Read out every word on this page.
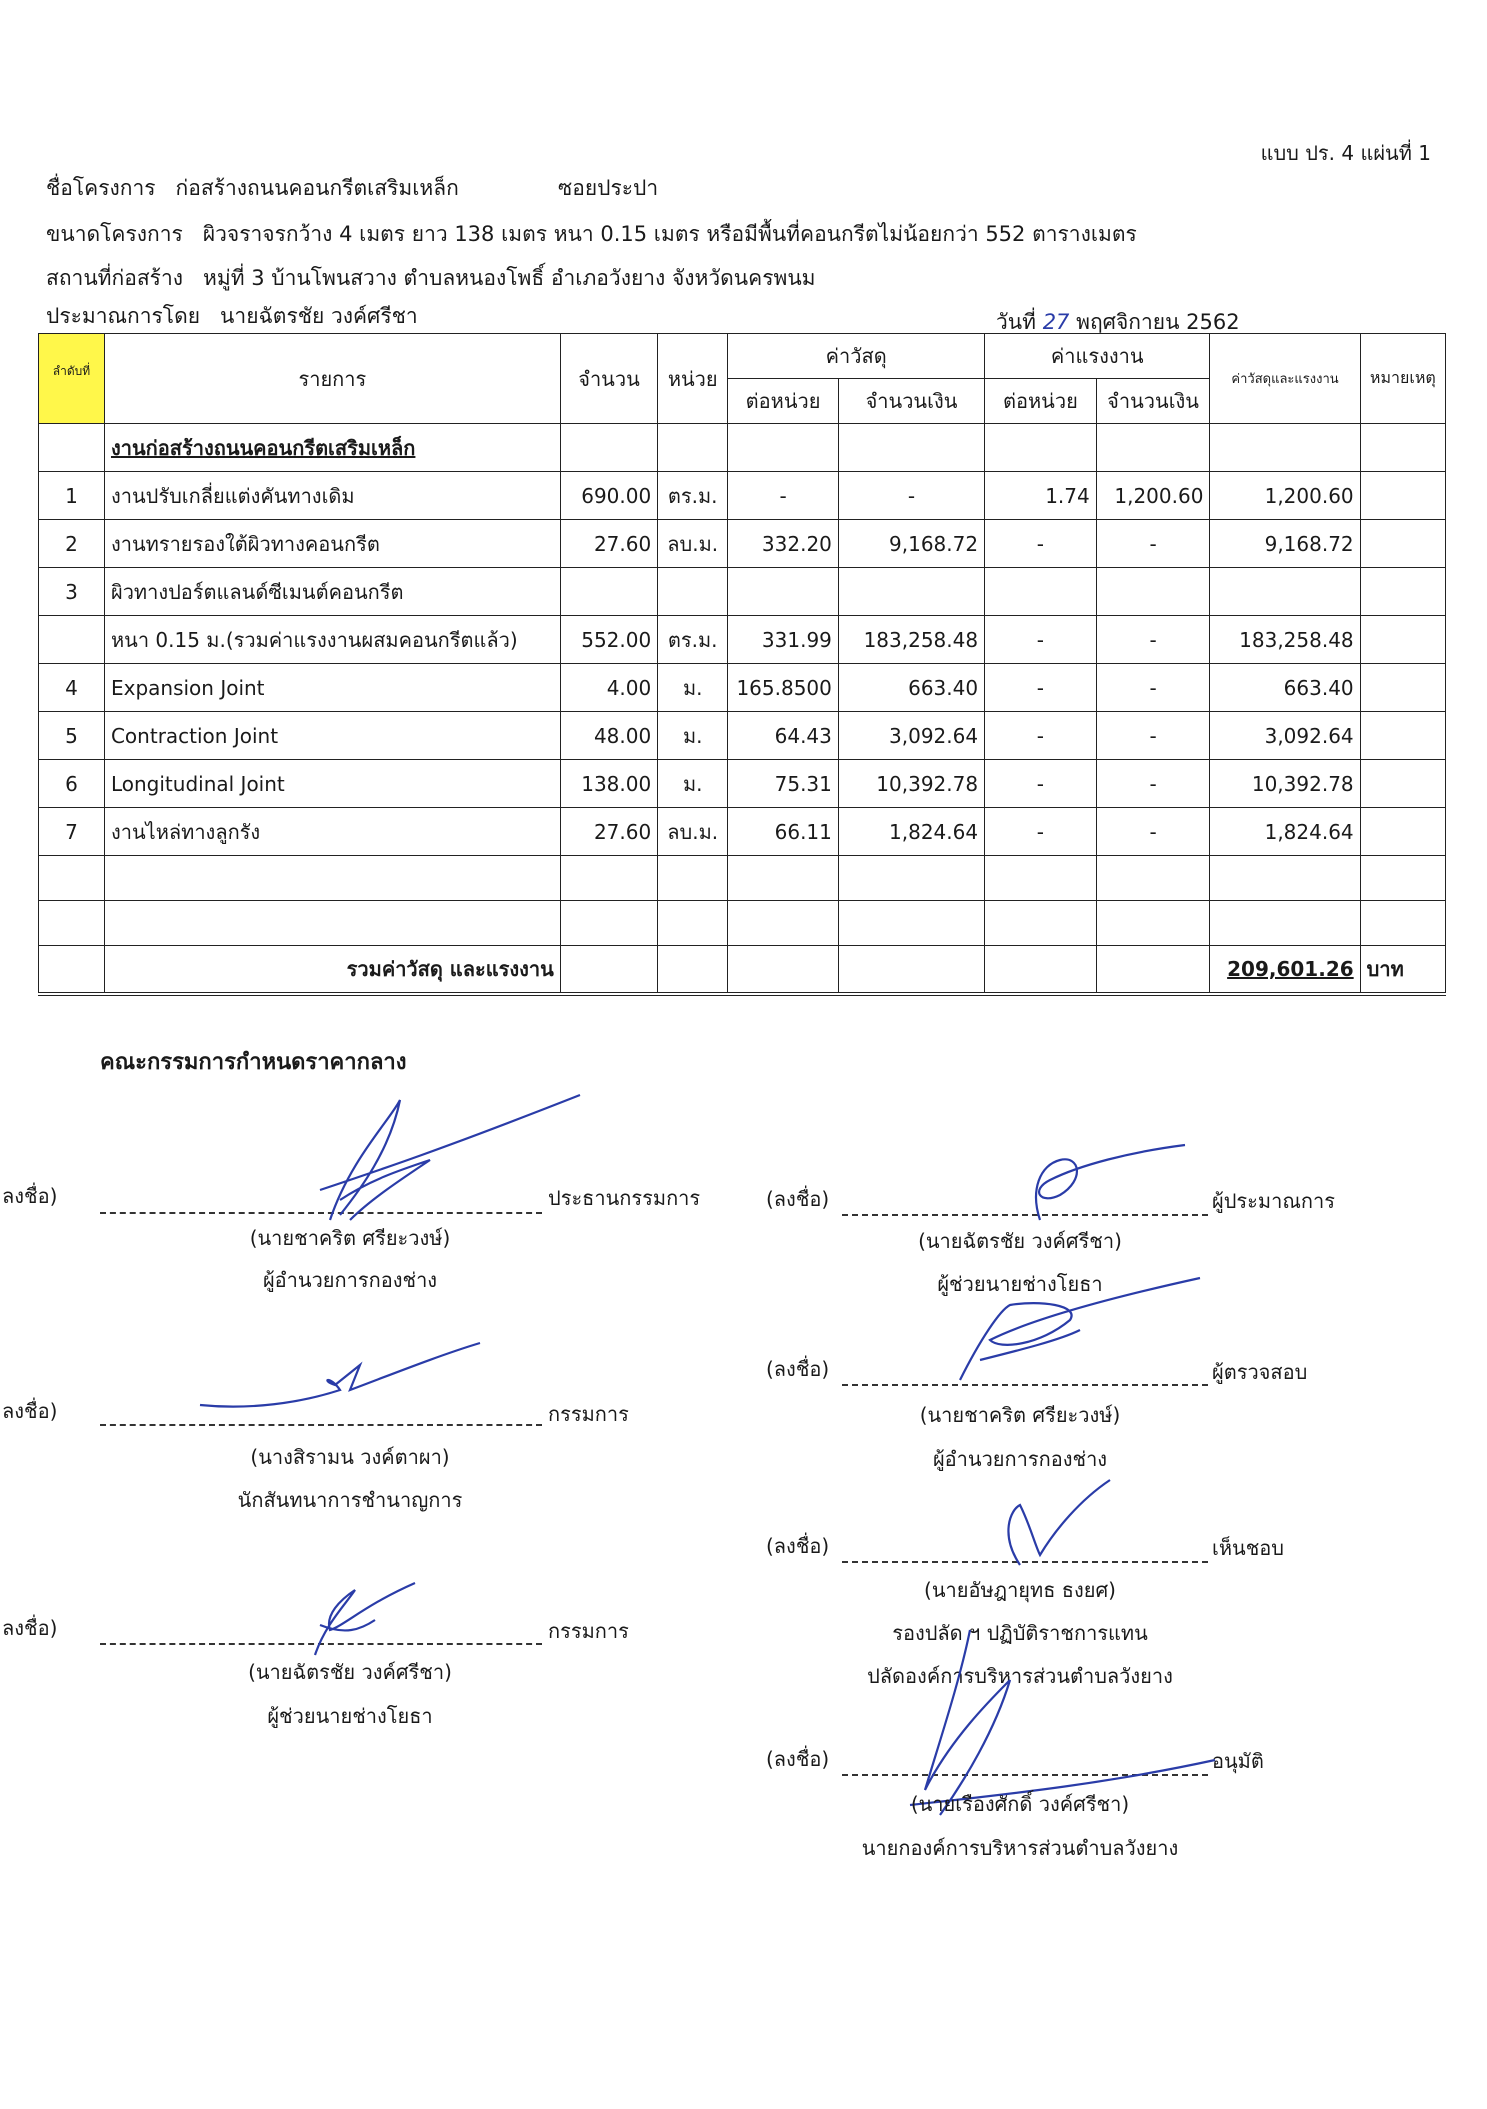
แบบ ปร. 4 แผ่นที่ 1
ชื่อโครงการ ก่อสร้างถนนคอนกรีตเสริมเหล็ก	ซอยประปา
ขนาดโครงการ ผิวจราจรกว้าง 4 เมตร ยาว 138 เมตร หนา 0.15 เมตร หรือมีพื้นที่คอนกรีตไม่น้อยกว่า 552 ตารางเมตร
สถานที่ก่อสร้าง หมู่ที่ 3 บ้านโพนสวาง ตำบลหนองโพธิ์ อำเภอวังยาง จังหวัดนครพนม
ประมาณการโดย นายฉัตรชัย วงค์ศรีชา	วันที่ 27 พฤศจิกายน 2562
ลำดับที่	รายการ	จำนวน	หน่วย	ค่าวัสดุ		ค่าแรงงาน		ค่าวัสดุและแรงงาน	หมายเหตุ
				ต่อหน่วย	จำนวนเงิน	ต่อหน่วย	จำนวนเงิน		
	งานก่อสร้างถนนคอนกรีตเสริมเหล็ก								
1	งานปรับเกลี่ยแต่งคันทางเดิม	690.00	ตร.ม.	-	-	1.74	1,200.60	1,200.60	
2	งานทรายรองใต้ผิวทางคอนกรีต	27.60	ลบ.ม.	332.20	9,168.72	-	-	9,168.72	
3	ผิวทางปอร์ตแลนด์ซีเมนต์คอนกรีต								
	หนา 0.15 ม.(รวมค่าแรงงานผสมคอนกรีตแล้ว)	552.00	ตร.ม.	331.99	183,258.48	-	-	183,258.48	
4	Expansion Joint	4.00	ม.	165.8500	663.40	-	-	663.40	
5	Contraction Joint	48.00	ม.	64.43	3,092.64	-	-	3,092.64	
6	Longitudinal Joint	138.00	ม.	75.31	10,392.78	-	-	10,392.78	
7	งานไหล่ทางลูกรัง	27.60	ลบ.ม.	66.11	1,824.64	-	-	1,824.64	

	รวมค่าวัสดุ และแรงงาน							209,601.26	บาท
คณะกรรมการกำหนดราคากลาง
ลงชื่อ)	ประธานกรรมการ
(นายชาคริต ศรียะวงษ์)
ผู้อำนวยการกองช่าง
ลงชื่อ)	กรรมการ
(นางสิรามน วงค์ตาผา)
นักสันทนาการชำนาญการ
ลงชื่อ)	กรรมการ
(นายฉัตรชัย วงค์ศรีชา)
ผู้ช่วยนายช่างโยธา
(ลงชื่อ)	ผู้ประมาณการ
(นายฉัตรชัย วงค์ศรีชา)
ผู้ช่วยนายช่างโยธา
(ลงชื่อ)	ผู้ตรวจสอบ
(นายชาคริต ศรียะวงษ์)
ผู้อำนวยการกองช่าง
(ลงชื่อ)	เห็นชอบ
(นายอัษฎายุทธ ธงยศ)
รองปลัด ฯ ปฏิบัติราชการแทน
ปลัดองค์การบริหารส่วนตำบลวังยาง
(ลงชื่อ)	อนุมัติ
(นายเรืองศักดิ์ วงค์ศรีชา)
นายกองค์การบริหารส่วนตำบลวังยาง
